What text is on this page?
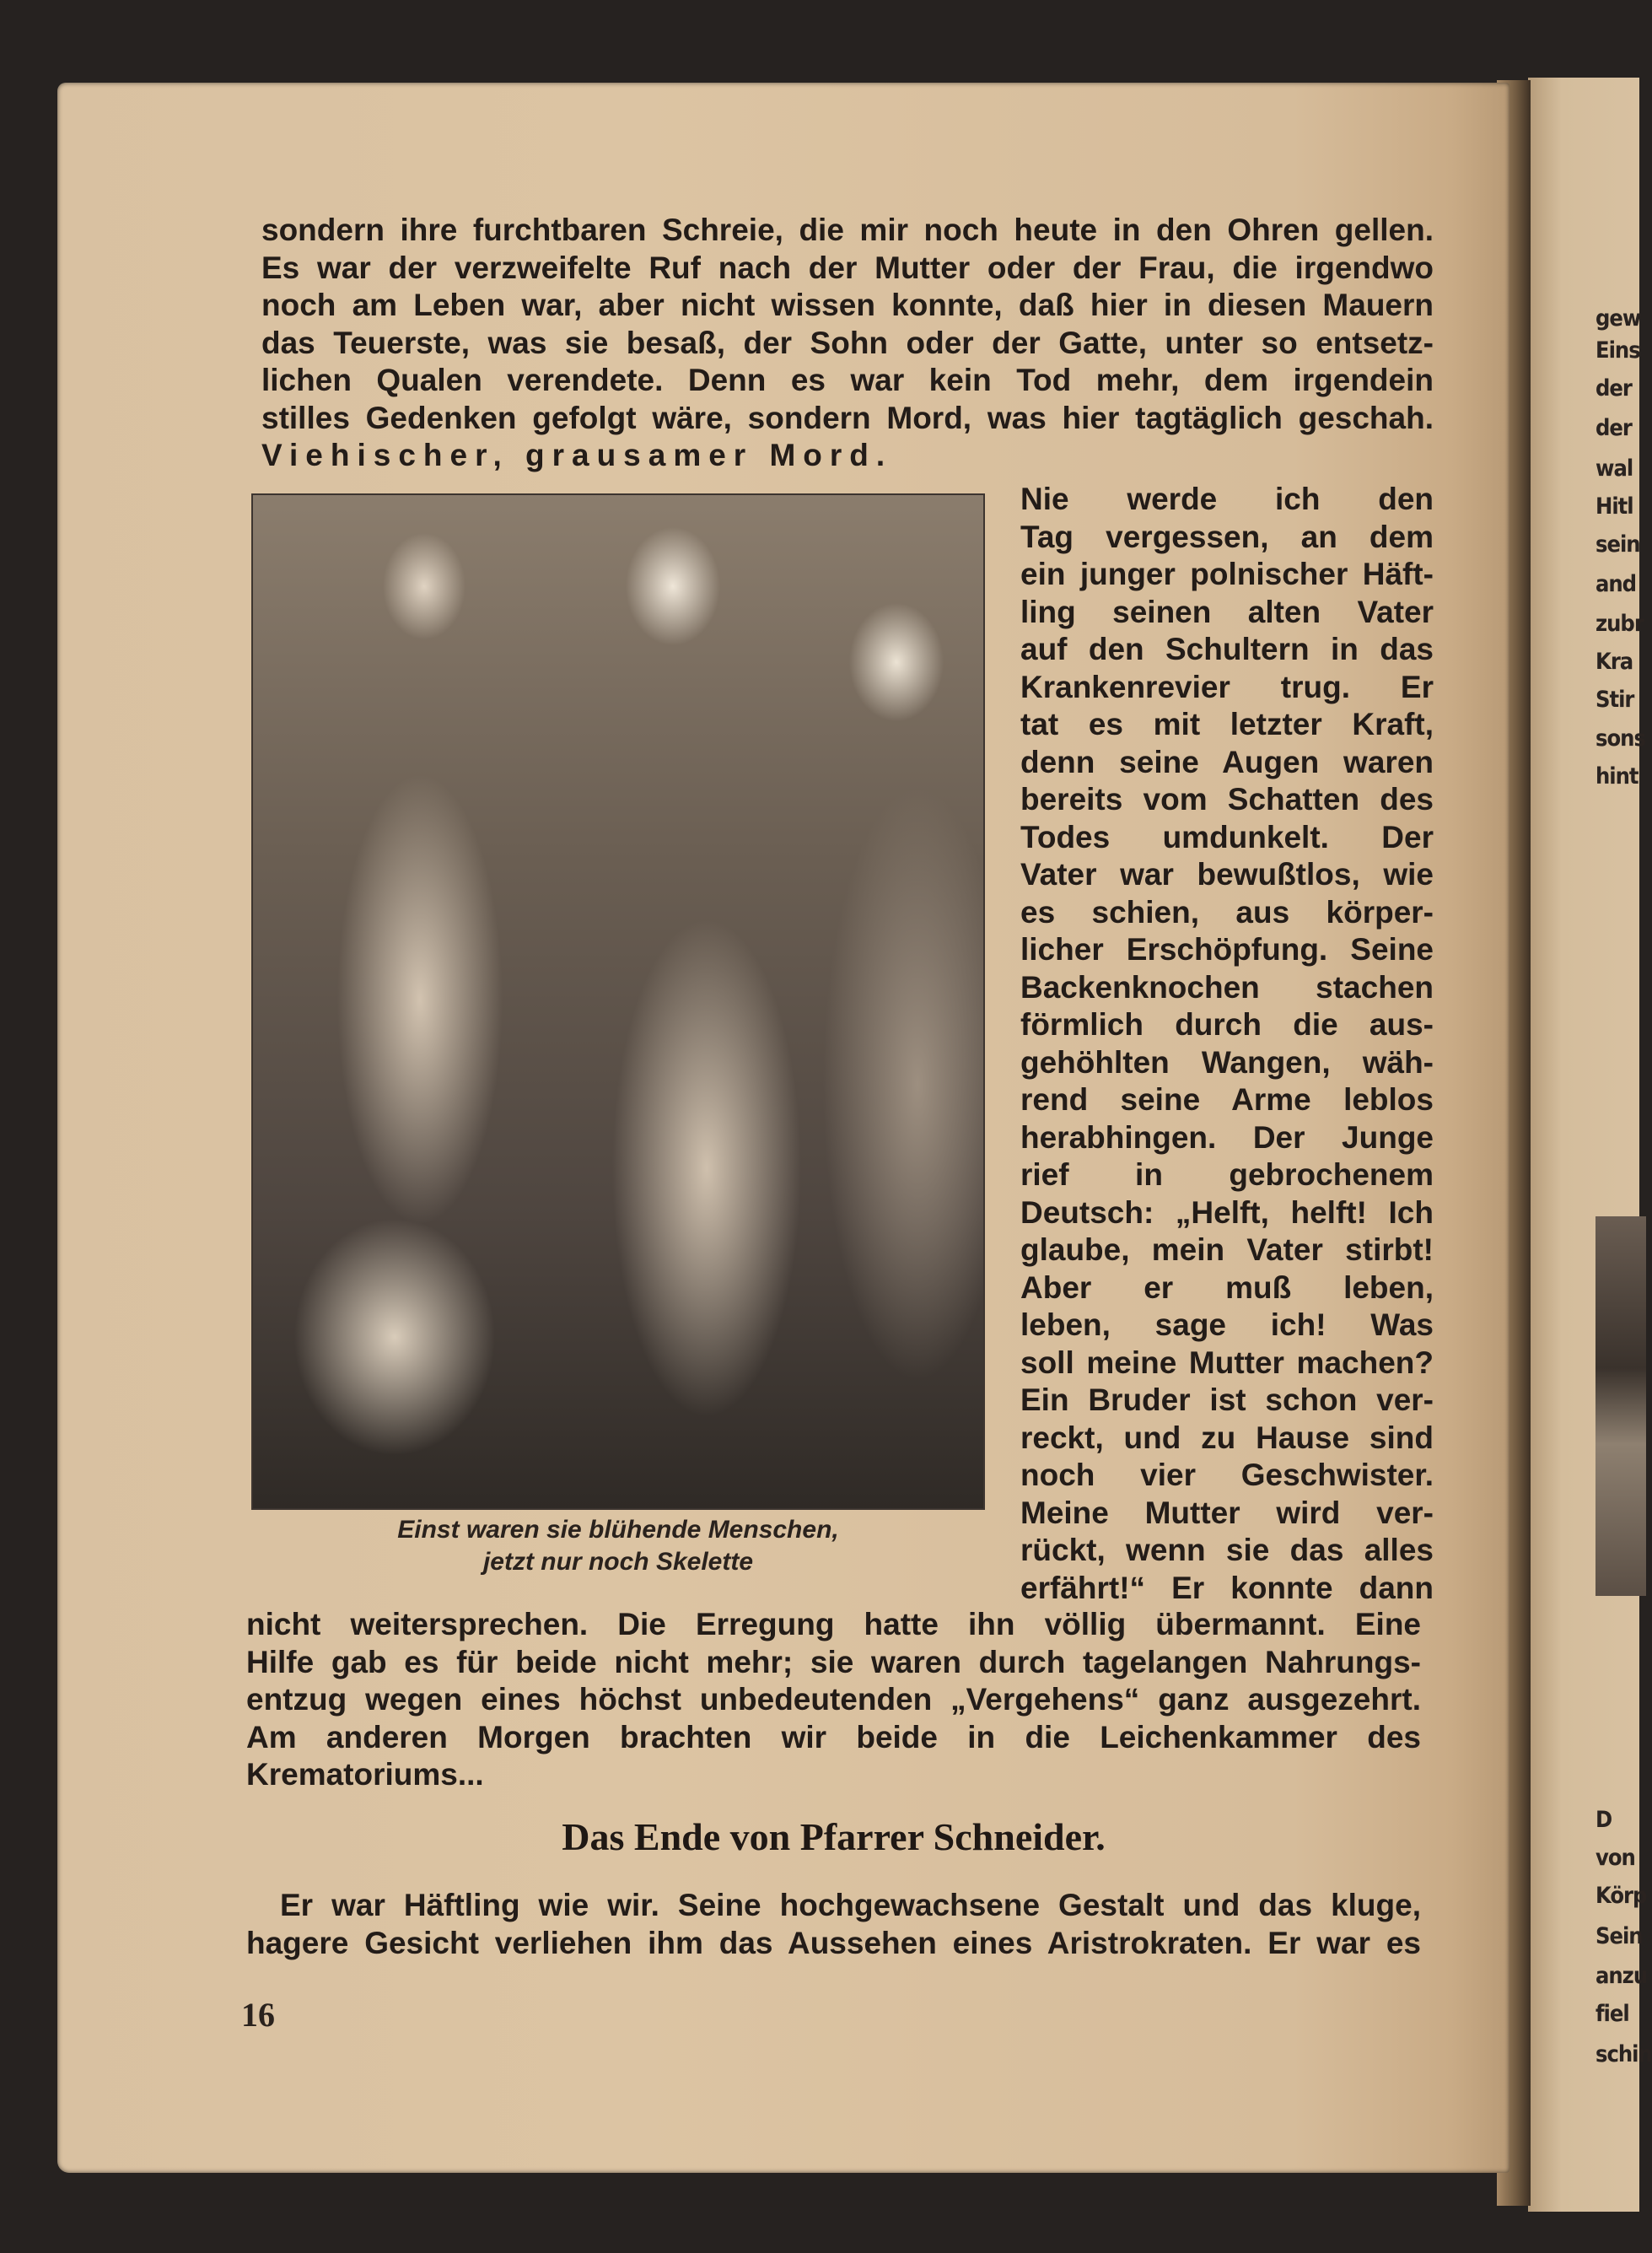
gew
Eins
der
der
wal
Hitl
sein
and
zubr
Kra
Stir
sons
hint
D
von
Körp
Sein
anzu
fiel
schin
sondern ihre furchtbaren Schreie, die mir noch heute in den Ohren gellen.
Es war der verzweifelte Ruf nach der Mutter oder der Frau, die irgendwo
noch am Leben war, aber nicht wissen konnte, daß hier in diesen Mauern
das Teuerste, was sie besaß, der Sohn oder der Gatte, unter so entsetz-
lichen Qualen verendete. Denn es war kein Tod mehr, dem irgendein
stilles Gedenken gefolgt wäre, sondern Mord, was hier tagtäglich geschah.
Viehischer, grausamer Mord.
Einst waren sie blühende Menschen,
jetzt nur noch Skelette
Nie werde ich den
Tag vergessen, an dem
ein junger polnischer Häft-
ling seinen alten Vater
auf den Schultern in das
Krankenrevier trug. Er
tat es mit letzter Kraft,
denn seine Augen waren
bereits vom Schatten des
Todes umdunkelt. Der
Vater war bewußtlos, wie
es schien, aus körper-
licher Erschöpfung. Seine
Backenknochen stachen
förmlich durch die aus-
gehöhlten Wangen, wäh-
rend seine Arme leblos
herabhingen. Der Junge
rief in gebrochenem
Deutsch: „Helft, helft! Ich
glaube, mein Vater stirbt!
Aber er muß leben,
leben, sage ich! Was
soll meine Mutter machen?
Ein Bruder ist schon ver-
reckt, und zu Hause sind
noch vier Geschwister.
Meine Mutter wird ver-
rückt, wenn sie das alles
erfährt!“ Er konnte dann
nicht weitersprechen. Die Erregung hatte ihn völlig übermannt. Eine
Hilfe gab es für beide nicht mehr; sie waren durch tagelangen Nahrungs-
entzug wegen eines höchst unbedeutenden „Vergehens“ ganz ausgezehrt.
Am anderen Morgen brachten wir beide in die Leichenkammer des
Krematoriums...
Das Ende von Pfarrer Schneider.
Er war Häftling wie wir. Seine hochgewachsene Gestalt und das kluge,
hagere Gesicht verliehen ihm das Aussehen eines Aristrokraten. Er war es

16
